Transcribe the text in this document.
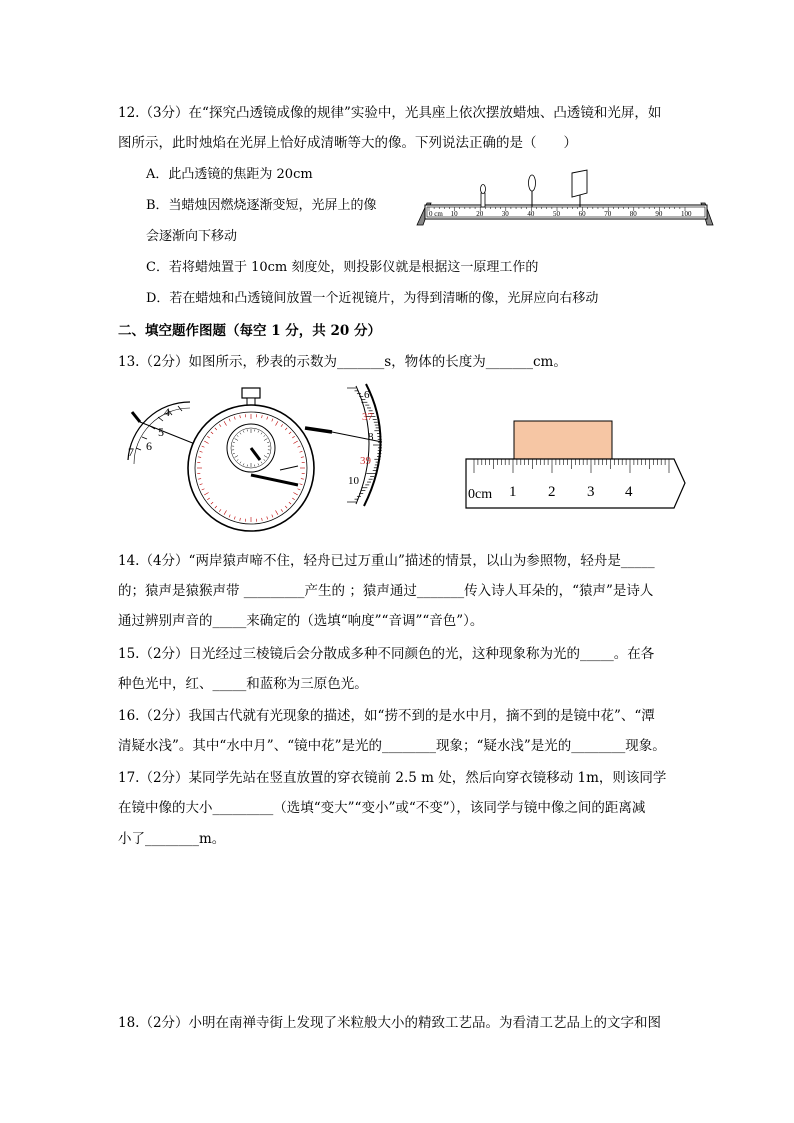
12.（3分）在“探究凸透镜成像的规律”实验中，光具座上依次摆放蜡烛、凸透镜和光屏，如
图所示，此时烛焰在光屏上恰好成清晰等大的像。下列说法正确的是（　　）
A．此凸透镜的焦距为 20cm
B．当蜡烛因燃烧逐渐变短，光屏上的像
会逐渐向下移动
C．若将蜡烛置于 10cm 刻度处，则投影仪就是根据这一原理工作的
D．若在蜡烛和凸透镜间放置一个近视镜片，为得到清晰的像，光屏应向右移动
0 cm 10	20	30	40	50	60	70	80	90	100
二、填空题作图题（每空 1 分，共 20 分）
13.（2分）如图所示，秒表的示数为_______s，物体的长度为_______cm。
4
5
6
7
6
37
8
39
10
0cm 1 2 3 4
14.（4分）“两岸猿声啼不住，轻舟已过万重山”描述的情景，以山为参照物，轻舟是_____
的；猿声是猿猴声带 _________产生的 ；猿声通过_______传入诗人耳朵的，“猿声”是诗人
通过辨别声音的_____来确定的（选填“响度”“音调”“音色”）。
15.（2分）日光经过三棱镜后会分散成多种不同颜色的光，这种现象称为光的_____。在各
种色光中，红、_____和蓝称为三原色光。
16.（2分）我国古代就有光现象的描述，如“捞不到的是水中月，摘不到的是镜中花”、“潭
清疑水浅”。其中“水中月”、“镜中花”是光的________现象；“疑水浅”是光的________现象。
17.（2分）某同学先站在竖直放置的穿衣镜前 2.5 m 处，然后向穿衣镜移动 1m，则该同学
在镜中像的大小_________（选填“变大”“变小”或“不变”），该同学与镜中像之间的距离减
小了________m。
18.（2分）小明在南禅寺街上发现了米粒般大小的精致工艺品。为看清工艺品上的文字和图
